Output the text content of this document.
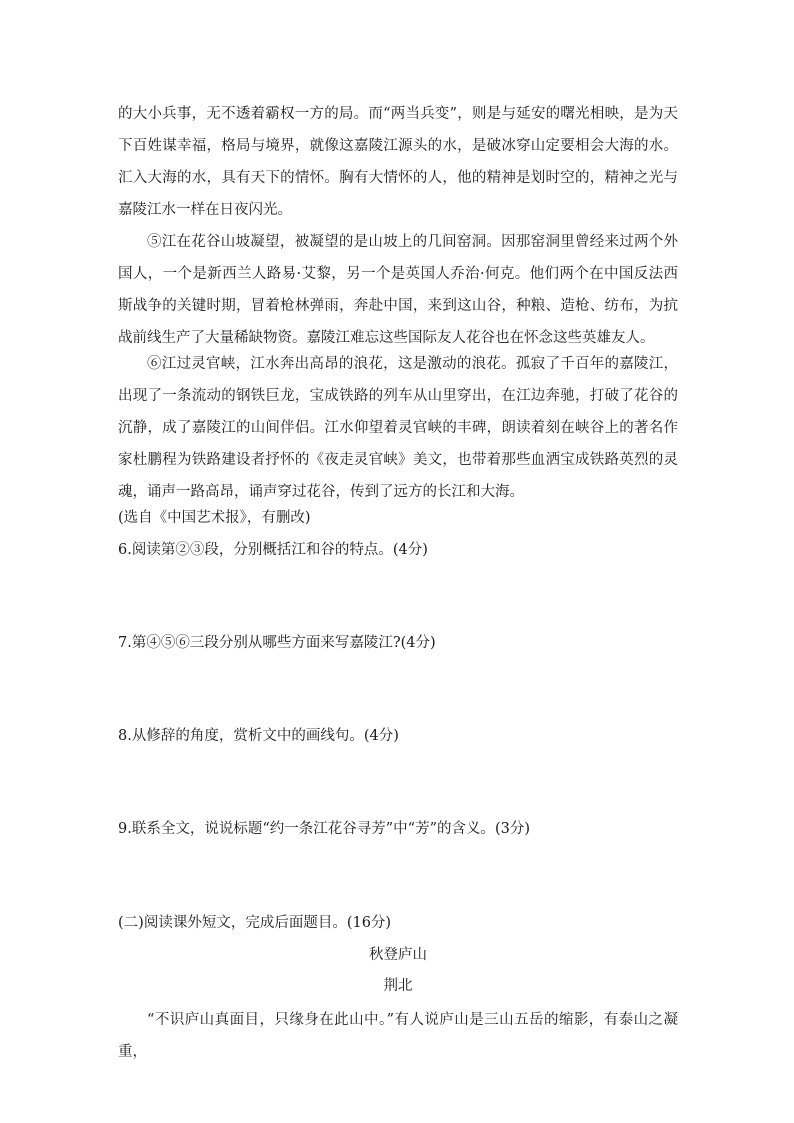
的大小兵事，无不透着霸权一方的局。而“两当兵变”，则是与延安的曙光相映，是为天下百姓谋幸福，格局与境界，就像这嘉陵江源头的水，是破冰穿山定要相会大海的水。汇入大海的水，具有天下的情怀。胸有大情怀的人，他的精神是划时空的，精神之光与嘉陵江水一样在日夜闪光。

⑤江在花谷山坡凝望，被凝望的是山坡上的几间窑洞。因那窑洞里曾经来过两个外国人，一个是新西兰人路易·艾黎，另一个是英国人乔治·何克。他们两个在中国反法西斯战争的关键时期，冒着枪林弹雨，奔赴中国，来到这山谷，种粮、造枪、纺布，为抗战前线生产了大量稀缺物资。嘉陵江难忘这些国际友人花谷也在怀念这些英雄友人。

⑥江过灵官峡，江水奔出高昂的浪花，这是激动的浪花。孤寂了千百年的嘉陵江，出现了一条流动的钢铁巨龙，宝成铁路的列车从山里穿出，在江边奔驰，打破了花谷的沉静，成了嘉陵江的山间伴侣。江水仰望着灵官峡的丰碑，朗读着刻在峡谷上的著名作家杜鹏程为铁路建设者抒怀的《夜走灵官峡》美文，也带着那些血洒宝成铁路英烈的灵魂，诵声一路高昂，诵声穿过花谷，传到了远方的长江和大海。

(选自《中国艺术报》，有删改)

6.阅读第②③段，分别概括江和谷的特点。(4分)

7.第④⑤⑥三段分别从哪些方面来写嘉陵江?(4分)

8.从修辞的角度，赏析文中的画线句。(4分)

9.联系全文，说说标题“约一条江花谷寻芳”中“芳”的含义。(3分)

(二)阅读课外短文，完成后面题目。(16分)

秋登庐山

荆北

“不识庐山真面目，只缘身在此山中。”有人说庐山是三山五岳的缩影，有泰山之凝重，
